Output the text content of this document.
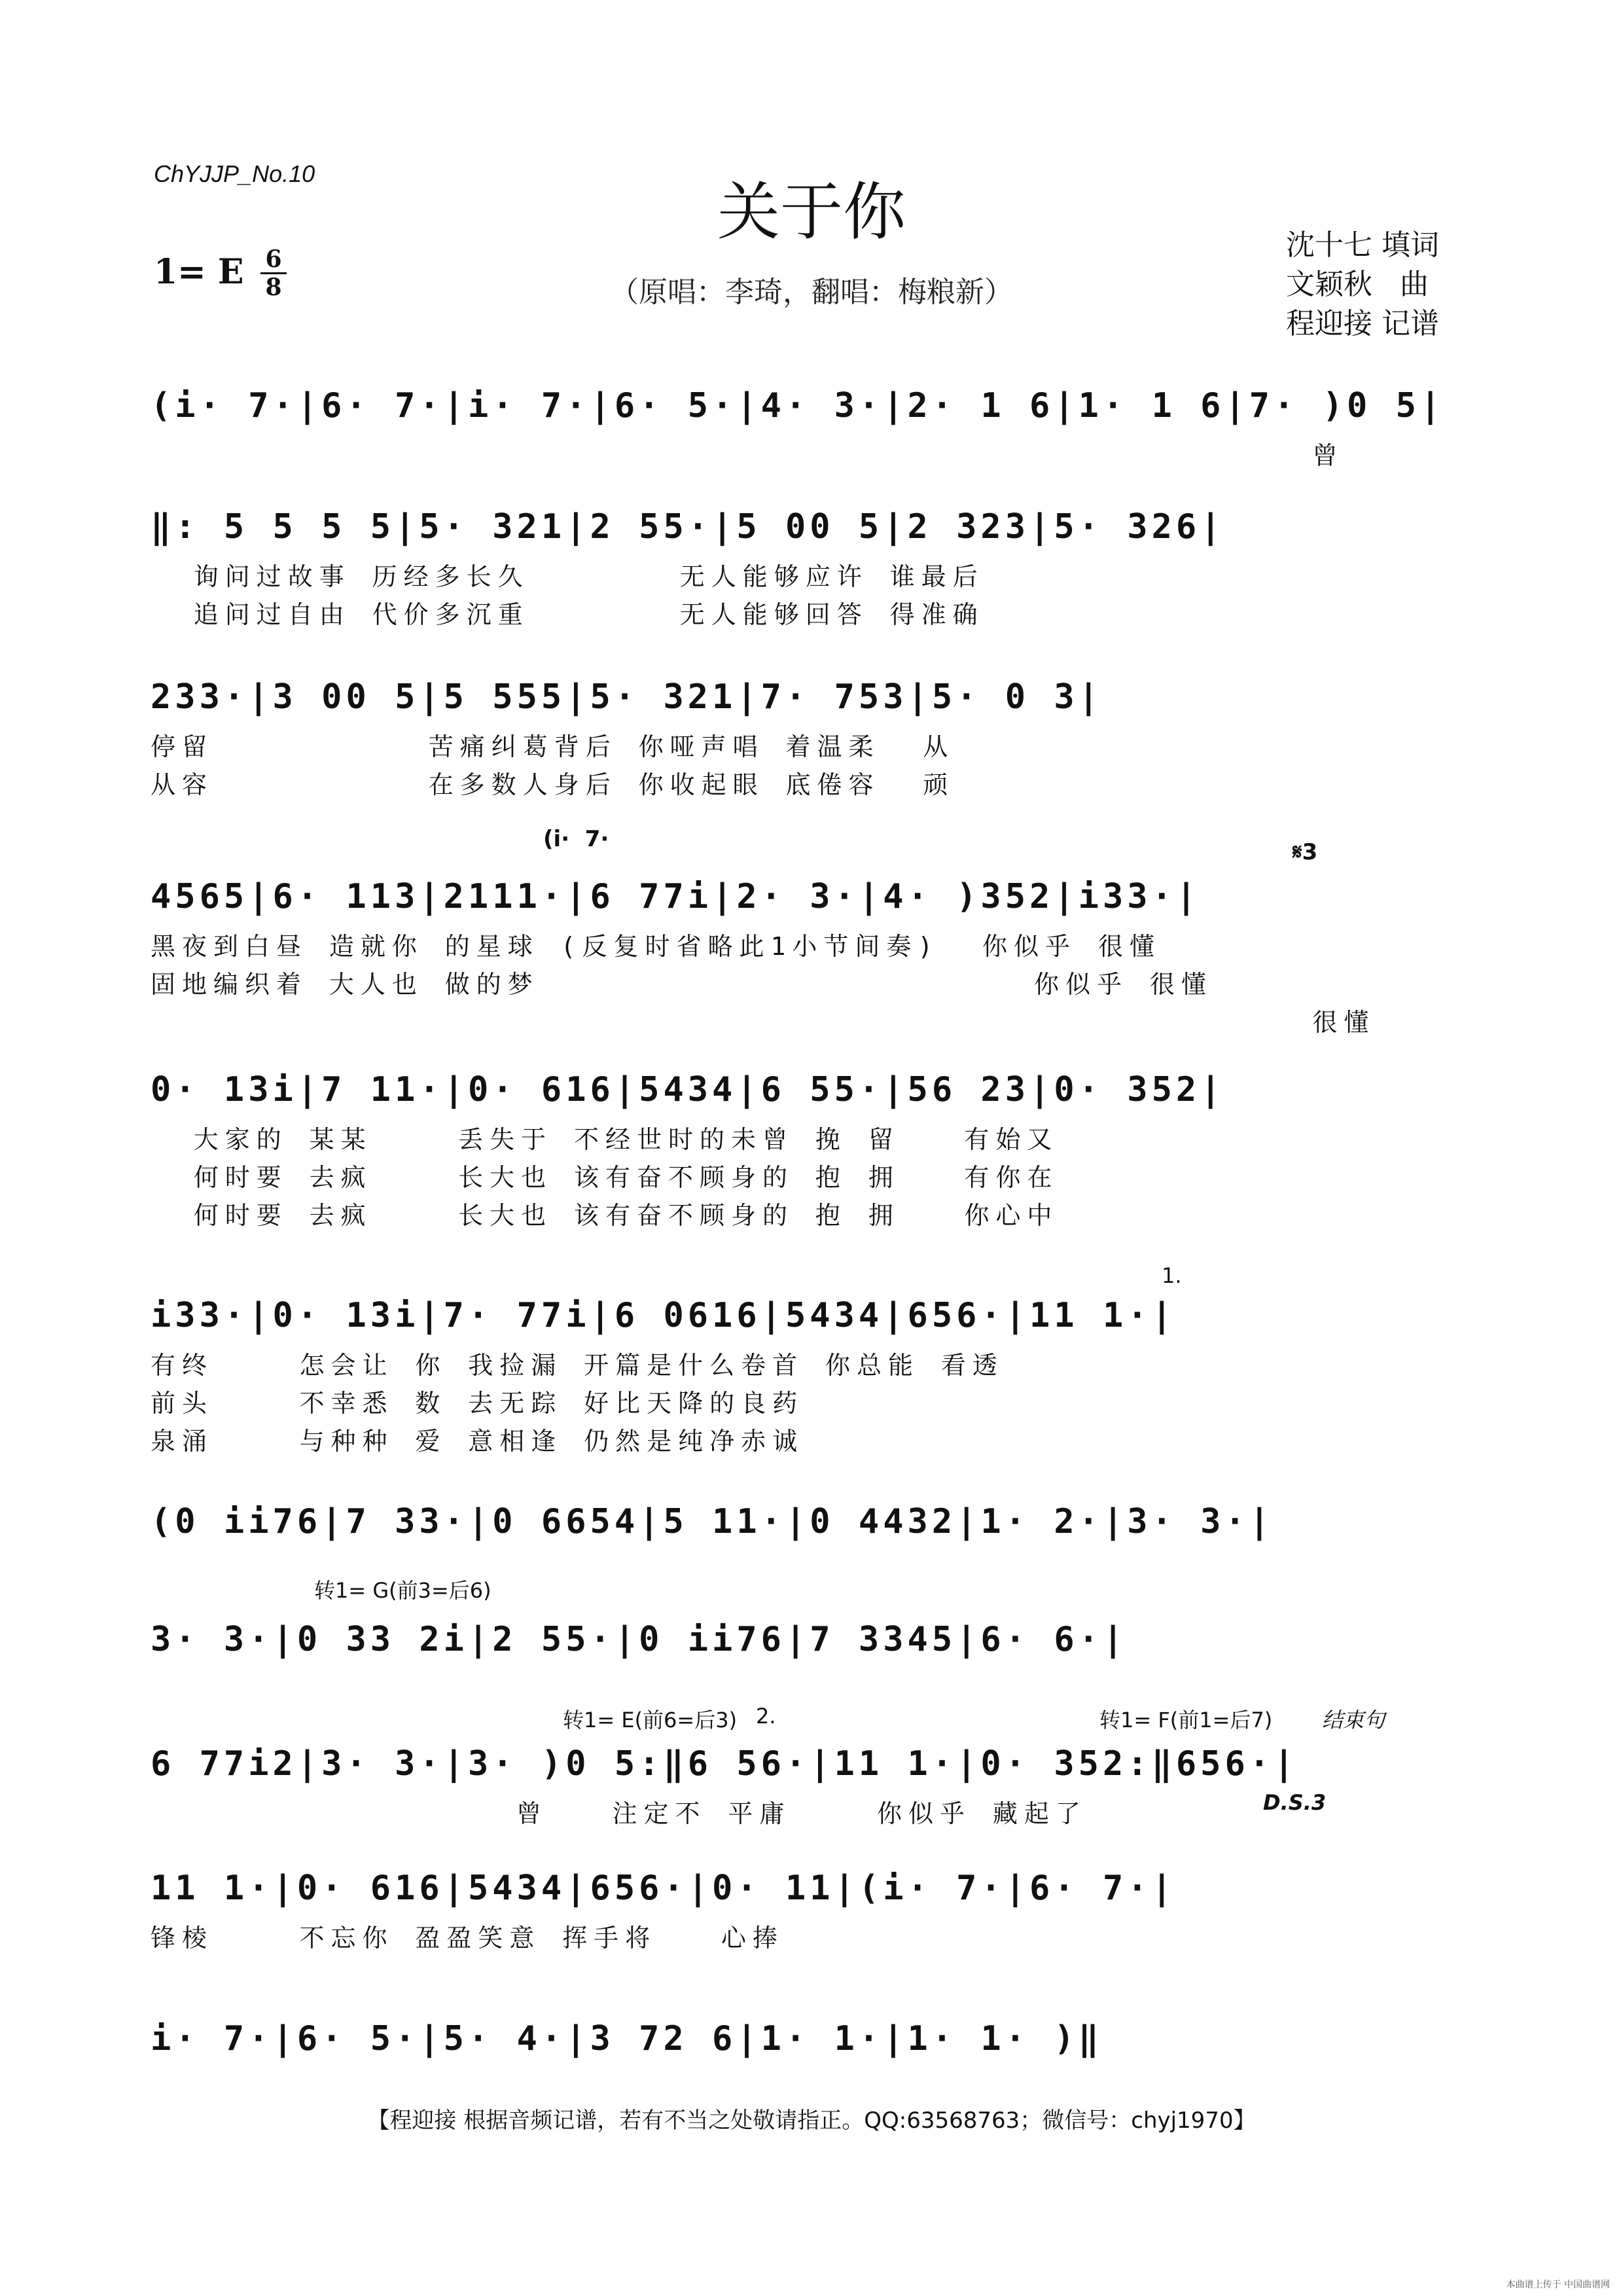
ChYJJP_No.10
关于你
（原唱：李琦，翻唱：梅粮新）
1= E $\frac{6}{8}$
沈十七 填词
文颖秋   曲
程迎接 记谱
(i·  7·	𝄋3
1.
转1= G(前3=后6)
转1= E(前6=后3) 2.	转1= F(前1=后7) 结束句
D.S.3
(i· 7·|6· 7·|i· 7·|6· 5·|4· 3·|2· 1 6|1· 1 6|7· )0 5|
曾
‖: 5 5 5 5|5· 321|2 55·|5 00 5|2 323|5· 326|
询问过故事 历经多长久       无人能够应许 谁最后
追问过自由 代价多沉重       无人能够回答 得准确
233·|3 00 5|5 555|5· 321|7· 753|5· 0 3|
停留          苦痛纠葛背后 你哑声唱 着温柔  从
从容          在多数人身后 你收起眼 底倦容  顽
4565|6· 113|2111·|6 77i|2· 3·|4· )352|i33·|
黑夜到白昼 造就你 的星球 (反复时省略此1小节间奏)  你似乎 很懂
固地编织着 大人也 做的梦                       你似乎 很懂
很懂
0· 13i|7 11·|0· 616|5434|6 55·|56 23|0· 352|
大家的 某某    丢失于 不经世时的未曾 挽 留   有始又
何时要 去疯    长大也 该有奋不顾身的 抱 拥   有你在
何时要 去疯    长大也 该有奋不顾身的 抱 拥   你心中
i33·|0· 13i|7· 77i|6 0616|5434|656·|11 1·|
有终    怎会让 你 我捡漏 开篇是什么卷首 你总能 看透
前头    不幸悉 数 去无踪 好比天降的良药
泉涌    与种种 爱 意相逢 仍然是纯净赤诚
(0 ii76|7 33·|0 6654|5 11·|0 4432|1· 2·|3· 3·|
3· 3·|0 33 2i|2 55·|0 ii76|7 3345|6· 6·|
6 77i2|3· 3·|3· )0 5:‖6 56·|11 1·|0· 352:‖656·|
曾   注定不 平庸    你似乎 藏起了
11 1·|0· 616|5434|656·|0· 11|(i· 7·|6· 7·|
锋棱    不忘你 盈盈笑意 挥手将   心捧
i· 7·|6· 5·|5· 4·|3 72 6|1· 1·|1· 1· )‖
【程迎接 根据音频记谱，若有不当之处敬请指正。QQ:63568763；微信号：chyj1970】
本曲谱上传于 中国曲谱网
